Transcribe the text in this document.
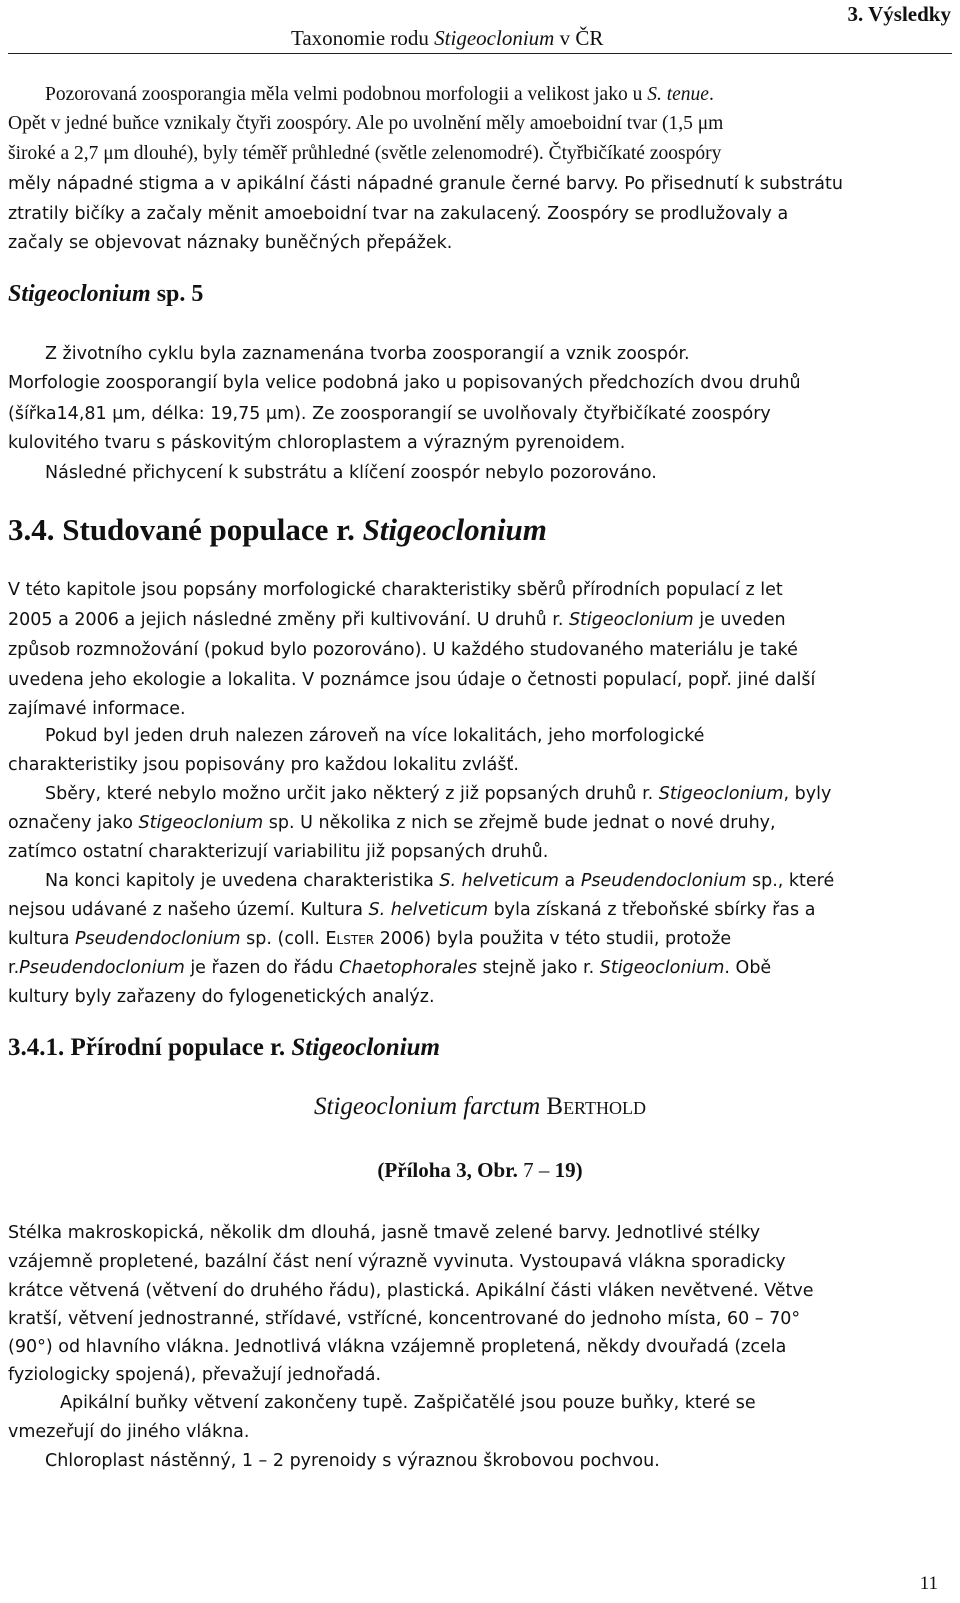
Taxonomie rodu Stigeoclonium v ČR
3. Výsledky
Pozorovaná zoosporangia měla velmi podobnou morfologii a velikost jako u S. tenue.
Opět v jedné buňce vznikaly čtyři zoospóry. Ale po uvolnění měly amoeboidní tvar (1,5 μm
široké a 2,7 μm dlouhé), byly téměř průhledné (světle zelenomodré). Čtyřbičíkaté zoospóry
měly nápadné stigma a v apikální části nápadné granule černé barvy. Po přisednutí k substrátu
ztratily bičíky a začaly měnit amoeboidní tvar na zakulacený. Zoospóry se prodlužovaly a
začaly se objevovat náznaky buněčných přepážek.
Stigeoclonium sp. 5
Z životního cyklu byla zaznamenána tvorba zoosporangií a vznik zoospór.
Morfologie zoosporangií byla velice podobná jako u popisovaných předchozích dvou druhů
(šířka14,81 μm, délka: 19,75 μm). Ze zoosporangií se uvolňovaly čtyřbičíkaté zoospóry
kulovitého tvaru s páskovitým chloroplastem a výrazným pyrenoidem.
Následné přichycení k substrátu a klíčení zoospór nebylo pozorováno.
3.4. Studované populace r. Stigeoclonium
V této kapitole jsou popsány morfologické charakteristiky sběrů přírodních populací z let
2005 a 2006 a jejich následné změny při kultivování. U druhů r. Stigeoclonium je uveden
způsob rozmnožování (pokud bylo pozorováno). U každého studovaného materiálu je také
uvedena jeho ekologie a lokalita. V poznámce jsou údaje o četnosti populací, popř. jiné další
zajímavé informace.
Pokud byl jeden druh nalezen zároveň na více lokalitách, jeho morfologické
charakteristiky jsou popisovány pro každou lokalitu zvlášť.
Sběry, které nebylo možno určit jako některý z již popsaných druhů r. Stigeoclonium, byly
označeny jako Stigeoclonium sp. U několika z nich se zřejmě bude jednat o nové druhy,
zatímco ostatní charakterizují variabilitu již popsaných druhů.
Na konci kapitoly je uvedena charakteristika S. helveticum a Pseudendoclonium sp., které
nejsou udávané z našeho území. Kultura S. helveticum byla získaná z třeboňské sbírky řas a
kultura Pseudendoclonium sp. (coll. Elster 2006) byla použita v této studii, protože
r.Pseudendoclonium je řazen do řádu Chaetophorales stejně jako r. Stigeoclonium. Obě
kultury byly zařazeny do fylogenetických analýz.
3.4.1. Přírodní populace r. Stigeoclonium
Stigeoclonium farctum Berthold
(Příloha 3, Obr. 7 – 19)
Stélka makroskopická, několik dm dlouhá, jasně tmavě zelené barvy. Jednotlivé stélky
vzájemně propletené, bazální část není výrazně vyvinuta. Vystoupavá vlákna sporadicky
krátce větvená (větvení do druhého řádu), plastická. Apikální části vláken nevětvené. Větve
kratší, větvení jednostranné, střídavé, vstřícné, koncentrované do jednoho místa, 60 – 70°
(90°) od hlavního vlákna. Jednotlivá vlákna vzájemně propletená, někdy dvouřadá (zcela
fyziologicky spojená), převažují jednořadá.
Apikální buňky větvení zakončeny tupě. Zašpičatělé jsou pouze buňky, které se
vmezeřují do jiného vlákna.
Chloroplast nástěnný, 1 – 2 pyrenoidy s výraznou škrobovou pochvou.
11
